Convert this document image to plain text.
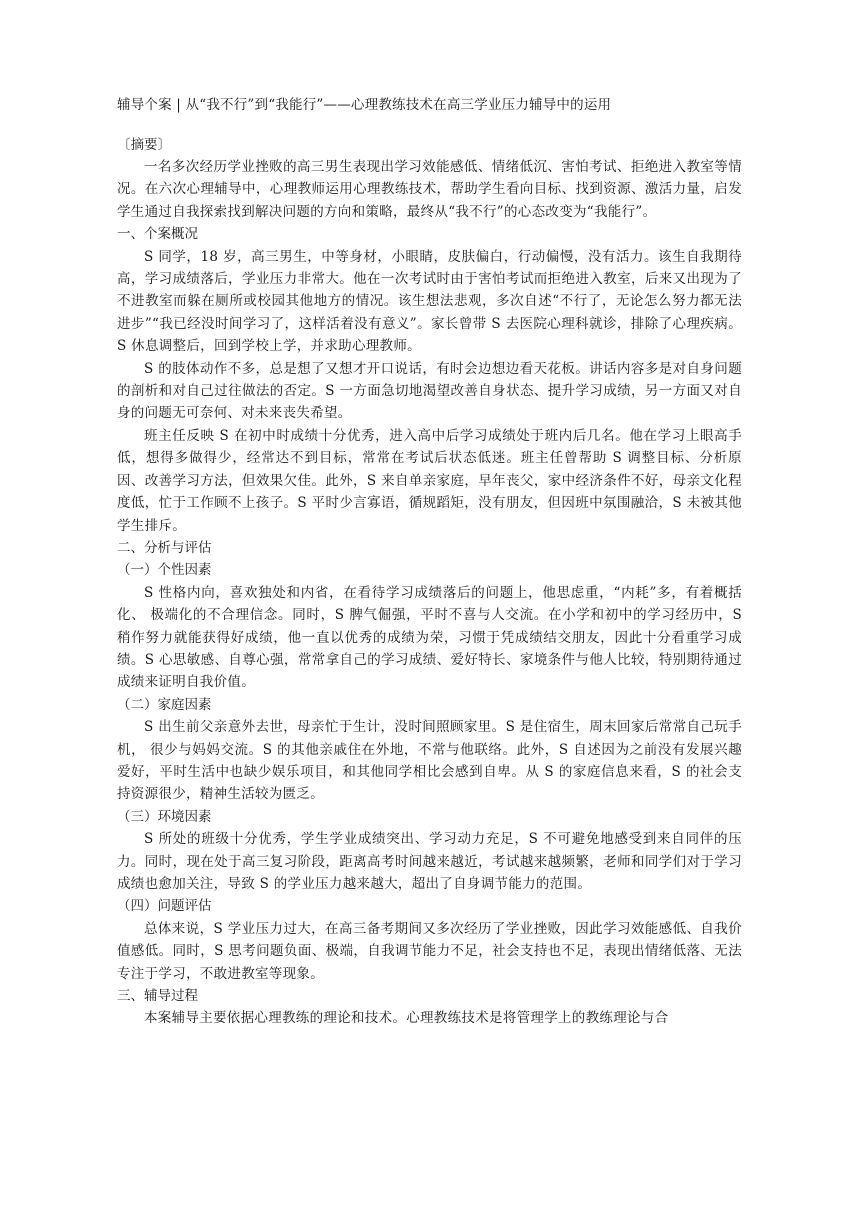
辅导个案 | 从“我不行”到“我能行”——心理教练技术在高三学业压力辅导中的运用
〔摘要〕

一名多次经历学业挫败的高三男生表现出学习效能感低、情绪低沉、害怕考试、拒绝进入教室等情况。在六次心理辅导中，心理教师运用心理教练技术，帮助学生看向目标、找到资源、激活力量，启发学生通过自我探索找到解决问题的方向和策略，最终从“我不行”的心态改变为“我能行”。

一、个案概况

S 同学，18 岁，高三男生，中等身材，小眼睛，皮肤偏白，行动偏慢，没有活力。该生自我期待高，学习成绩落后，学业压力非常大。他在一次考试时由于害怕考试而拒绝进入教室，后来又出现为了不进教室而躲在厕所或校园其他地方的情况。该生想法悲观，多次自述“不行了，无论怎么努力都无法进步”“我已经没时间学习了，这样活着没有意义”。家长曾带 S 去医院心理科就诊，排除了心理疾病。S 休息调整后，回到学校上学，并求助心理教师。

S 的肢体动作不多，总是想了又想才开口说话，有时会边想边看天花板。讲话内容多是对自身问题的剖析和对自己过往做法的否定。S 一方面急切地渴望改善自身状态、提升学习成绩，另一方面又对自身的问题无可奈何、对未来丧失希望。

班主任反映 S 在初中时成绩十分优秀，进入高中后学习成绩处于班内后几名。他在学习上眼高手低，想得多做得少，经常达不到目标，常常在考试后状态低迷。班主任曾帮助 S 调整目标、分析原因、改善学习方法，但效果欠佳。此外，S 来自单亲家庭，早年丧父，家中经济条件不好，母亲文化程度低，忙于工作顾不上孩子。S 平时少言寡语，循规蹈矩，没有朋友，但因班中氛围融洽，S 未被其他学生排斥。

二、分析与评估
（一）个性因素

S 性格内向，喜欢独处和内省，在看待学习成绩落后的问题上，他思虑重，“内耗”多，有着概括化、 极端化的不合理信念。同时，S 脾气倔强，平时不喜与人交流。在小学和初中的学习经历中，S 稍作努力就能获得好成绩，他一直以优秀的成绩为荣，习惯于凭成绩结交朋友，因此十分看重学习成绩。S 心思敏感、自尊心强，常常拿自己的学习成绩、爱好特长、家境条件与他人比较，特别期待通过成绩来证明自我价值。

（二）家庭因素

S 出生前父亲意外去世，母亲忙于生计，没时间照顾家里。S 是住宿生，周末回家后常常自己玩手机， 很少与妈妈交流。S 的其他亲戚住在外地，不常与他联络。此外，S 自述因为之前没有发展兴趣爱好，平时生活中也缺少娱乐项目，和其他同学相比会感到自卑。从 S 的家庭信息来看，S 的社会支持资源很少，精神生活较为匮乏。

（三）环境因素

S 所处的班级十分优秀，学生学业成绩突出、学习动力充足，S 不可避免地感受到来自同伴的压力。同时，现在处于高三复习阶段，距离高考时间越来越近，考试越来越频繁，老师和同学们对于学习成绩也愈加关注，导致 S 的学业压力越来越大，超出了自身调节能力的范围。

（四）问题评估

总体来说，S 学业压力过大，在高三备考期间又多次经历了学业挫败，因此学习效能感低、自我价值感低。同时，S 思考问题负面、极端，自我调节能力不足，社会支持也不足，表现出情绪低落、无法专注于学习，不敢进教室等现象。

三、辅导过程

本案辅导主要依据心理教练的理论和技术。心理教练技术是将管理学上的教练理论与合
